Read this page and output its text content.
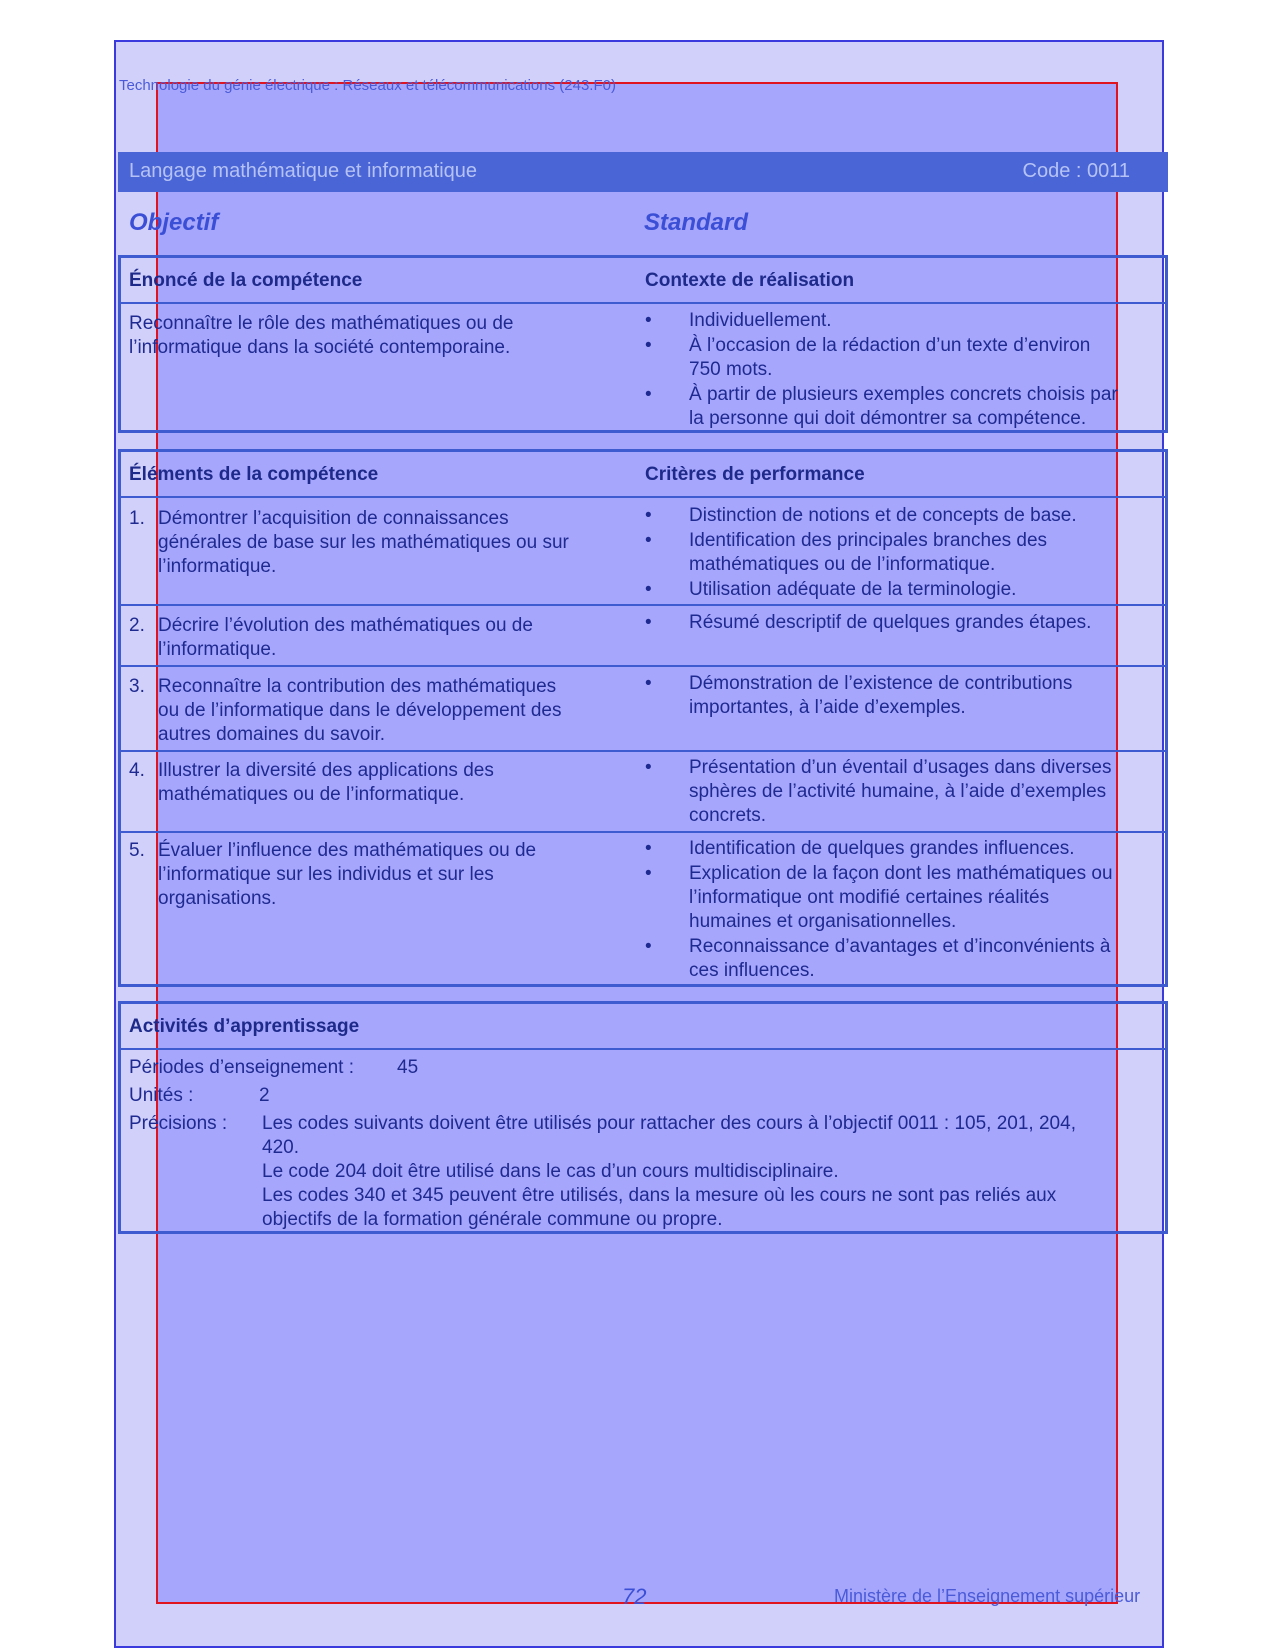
Technologie du génie électrique : Réseaux et télécommunications (243.F0)
Langage mathématique et informatique	Code : 0011
Objectif	Standard
Énoncé de la compétence	Contexte de réalisation
Reconnaître le rôle des mathématiques ou de
l’informatique dans la société contemporaine.
• Individuellement.
• À l’occasion de la rédaction d’un texte d’environ
750 mots.
• À partir de plusieurs exemples concrets choisis par
la personne qui doit démontrer sa compétence.
Éléments de la compétence	Critères de performance
1. Démontrer l’acquisition de connaissances
générales de base sur les mathématiques ou sur
l’informatique.
• Distinction de notions et de concepts de base.
• Identification des principales branches des
mathématiques ou de l’informatique.
• Utilisation adéquate de la terminologie.
2. Décrire l’évolution des mathématiques ou de
l’informatique.
• Résumé descriptif de quelques grandes étapes.
3. Reconnaître la contribution des mathématiques
ou de l’informatique dans le développement des
autres domaines du savoir.
• Démonstration de l’existence de contributions
importantes, à l’aide d’exemples.
4. Illustrer la diversité des applications des
mathématiques ou de l’informatique.
• Présentation d’un éventail d’usages dans diverses
sphères de l’activité humaine, à l’aide d’exemples
concrets.
5. Évaluer l’influence des mathématiques ou de
l’informatique sur les individus et sur les
organisations.
• Identification de quelques grandes influences.
• Explication de la façon dont les mathématiques ou
l’informatique ont modifié certaines réalités
humaines et organisationnelles.
• Reconnaissance d’avantages et d’inconvénients à
ces influences.
Activités d’apprentissage
Périodes d’enseignement : 45
Unités :	2
Précisions : Les codes suivants doivent être utilisés pour rattacher des cours à l’objectif 0011 : 105, 201, 204,
420.
Le code 204 doit être utilisé dans le cas d’un cours multidisciplinaire.
Les codes 340 et 345 peuvent être utilisés, dans la mesure où les cours ne sont pas reliés aux
objectifs de la formation générale commune ou propre.
72	Ministère de l’Enseignement supérieur
